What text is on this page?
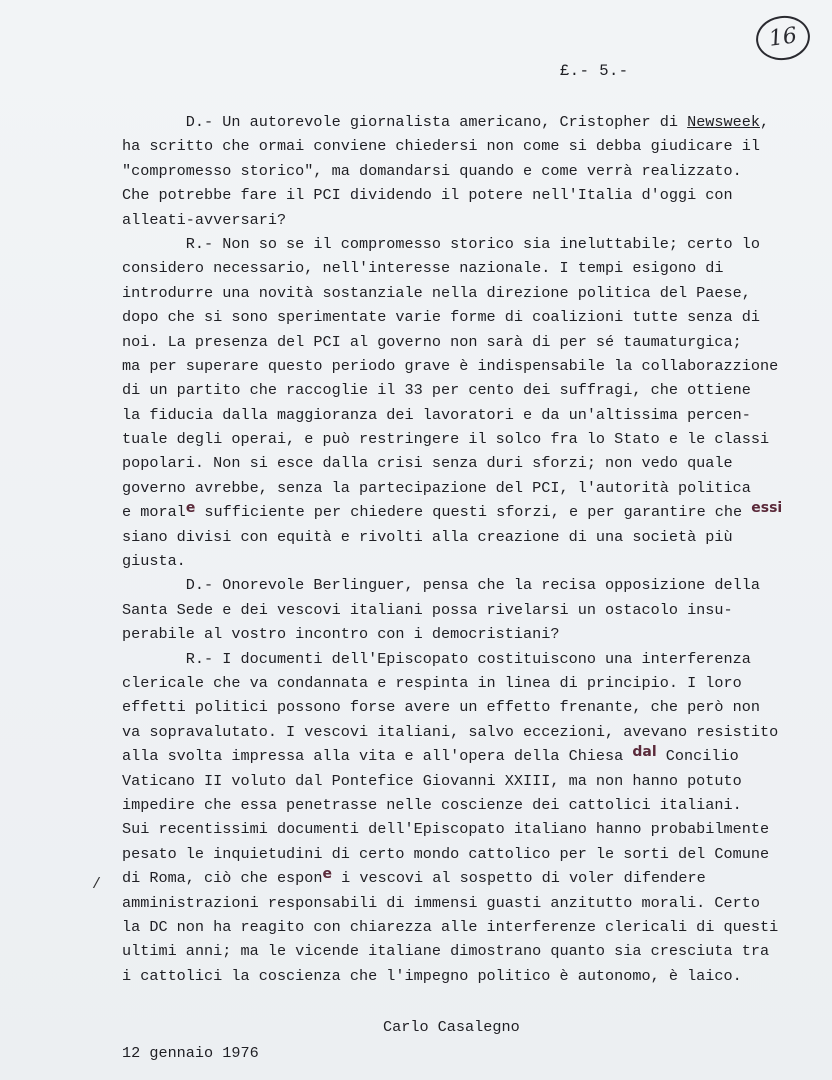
16
£.- 5.-
D.- Un autorevole giornalista americano, Cristopher di Newsweek,
ha scritto che ormai conviene chiedersi non come si debba giudicare il
"compromesso storico", ma domandarsi quando e come verrà realizzato.
Che potrebbe fare il PCI dividendo il potere nell'Italia d'oggi con
alleati-avversari?
R.- Non so se il compromesso storico sia ineluttabile; certo lo
considero necessario, nell'interesse nazionale. I tempi esigono di
introdurre una novità sostanziale nella direzione politica del Paese,
dopo che si sono sperimentate varie forme di coalizioni tutte senza di
noi. La presenza del PCI al governo non sarà di per sé taumaturgica;
ma per superare questo periodo grave è indispensabile la collaborazzione
di un partito che raccoglie il 33 per cento dei suffragi, che ottiene
la fiducia dalla maggioranza dei lavoratori e da un'altissima percen-
tuale degli operai, e può restringere il solco fra lo Stato e le classi
popolari. Non si esce dalla crisi senza duri sforzi; non vedo quale
governo avrebbe, senza la partecipazione del PCI, l'autorità politica
e morale sufficiente per chiedere questi sforzi, e per garantire che essi
siano divisi con equità e rivolti alla creazione di una società più
giusta.
D.- Onorevole Berlinguer, pensa che la recisa opposizione della
Santa Sede e dei vescovi italiani possa rivelarsi un ostacolo insu-
perabile al vostro incontro con i democristiani?
R.- I documenti dell'Episcopato costituiscono una interferenza
clericale che va condannata e respinta in linea di principio. I loro
effetti politici possono forse avere un effetto frenante, che però non
va sopravalutato. I vescovi italiani, salvo eccezioni, avevano resistito
alla svolta impressa alla vita e all'opera della Chiesa dal Concilio
Vaticano II voluto dal Pontefice Giovanni XXIII, ma non hanno potuto
impedire che essa penetrasse nelle coscienze dei cattolici italiani.
Sui recentissimi documenti dell'Episcopato italiano hanno probabilmente
pesato le inquietudini di certo mondo cattolico per le sorti del Comune
di Roma, ciò che espone i vescovi al sospetto di voler difendere
amministrazioni responsabili di immensi guasti anzitutto morali. Certo
la DC non ha reagito con chiarezza alle interferenze clericali di questi
ultimi anni; ma le vicende italiane dimostrano quanto sia cresciuta tra
i cattolici la coscienza che l'impegno politico è autonomo, è laico.
/
Carlo Casalegno
12 gennaio 1976
